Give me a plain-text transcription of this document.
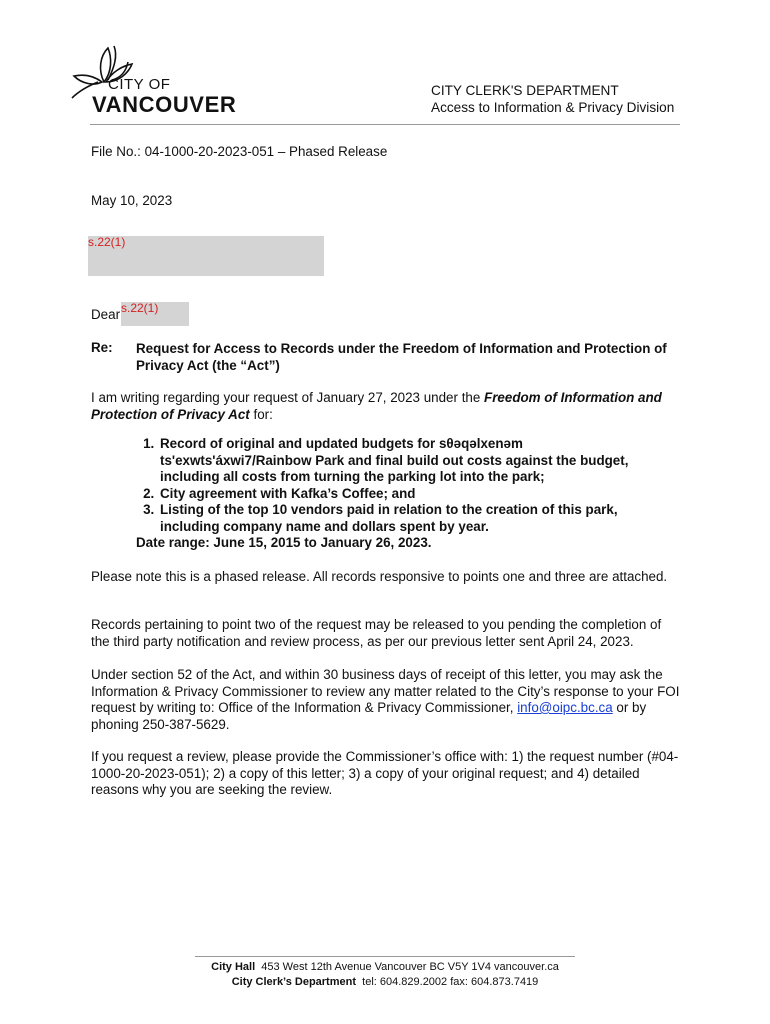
CITY OF
VANCOUVER
CITY CLERK'S DEPARTMENT
Access to Information & Privacy Division
File No.: 04-1000-20-2023-051 – Phased Release
May 10, 2023
s.22(1)
Dear s.22(1)
Re: Request for Access to Records under the Freedom of Information and Protection of Privacy Act (the “Act”)
I am writing regarding your request of January 27, 2023 under the Freedom of Information and Protection of Privacy Act for:
1. Record of original and updated budgets for sθəqəlxenəm ts'exwts'áxwi7/Rainbow Park and final build out costs against the budget, including all costs from turning the parking lot into the park;
2. City agreement with Kafka’s Coffee; and
3. Listing of the top 10 vendors paid in relation to the creation of this park, including company name and dollars spent by year.
Date range: June 15, 2015 to January 26, 2023.
Please note this is a phased release. All records responsive to points one and three are attached.
Records pertaining to point two of the request may be released to you pending the completion of the third party notification and review process, as per our previous letter sent April 24, 2023.
Under section 52 of the Act, and within 30 business days of receipt of this letter, you may ask the Information & Privacy Commissioner to review any matter related to the City’s response to your FOI request by writing to: Office of the Information & Privacy Commissioner, info@oipc.bc.ca or by phoning 250-387-5629.
If you request a review, please provide the Commissioner’s office with: 1) the request number (#04-1000-20-2023-051); 2) a copy of this letter; 3) a copy of your original request; and 4) detailed reasons why you are seeking the review.
City Hall 453 West 12th Avenue Vancouver BC V5Y 1V4 vancouver.ca
City Clerk’s Department tel: 604.829.2002 fax: 604.873.7419
